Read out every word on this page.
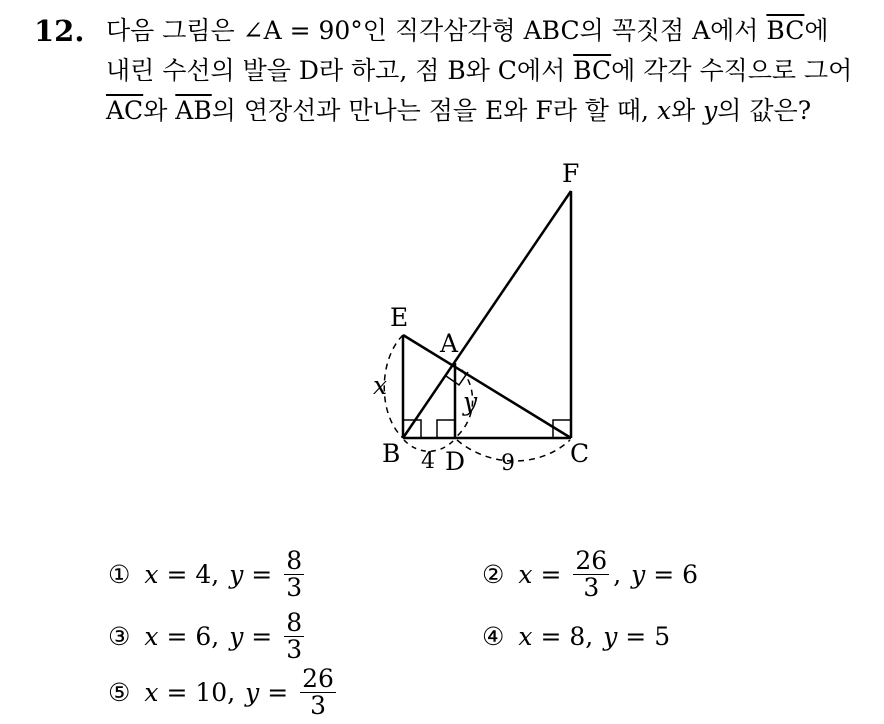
12. 다음 그림은 ∠A = 90°인 직각삼각형 ABC의 꼭짓점 A에서 $\overline{BC}$에
내린 수선의 발을 D라 하고, 점 B와 C에서 $\overline{BC}$에 각각 수직으로 그어
$\overline{AC}$와 $\overline{AB}$의 연장선과 만나는 점을 E와 F라 할 때, x와 y의 값은?
F
E
A
B D	C
x
y
4	9
① x = 4 , $y = \frac{8}{3}$	② $x = \frac{26}{3}$ , y = 6
③ x = 6 , $y = \frac{8}{3}$	④ x = 8 , y = 5
⑤ x = 10 , $y = \frac{26}{3}$
